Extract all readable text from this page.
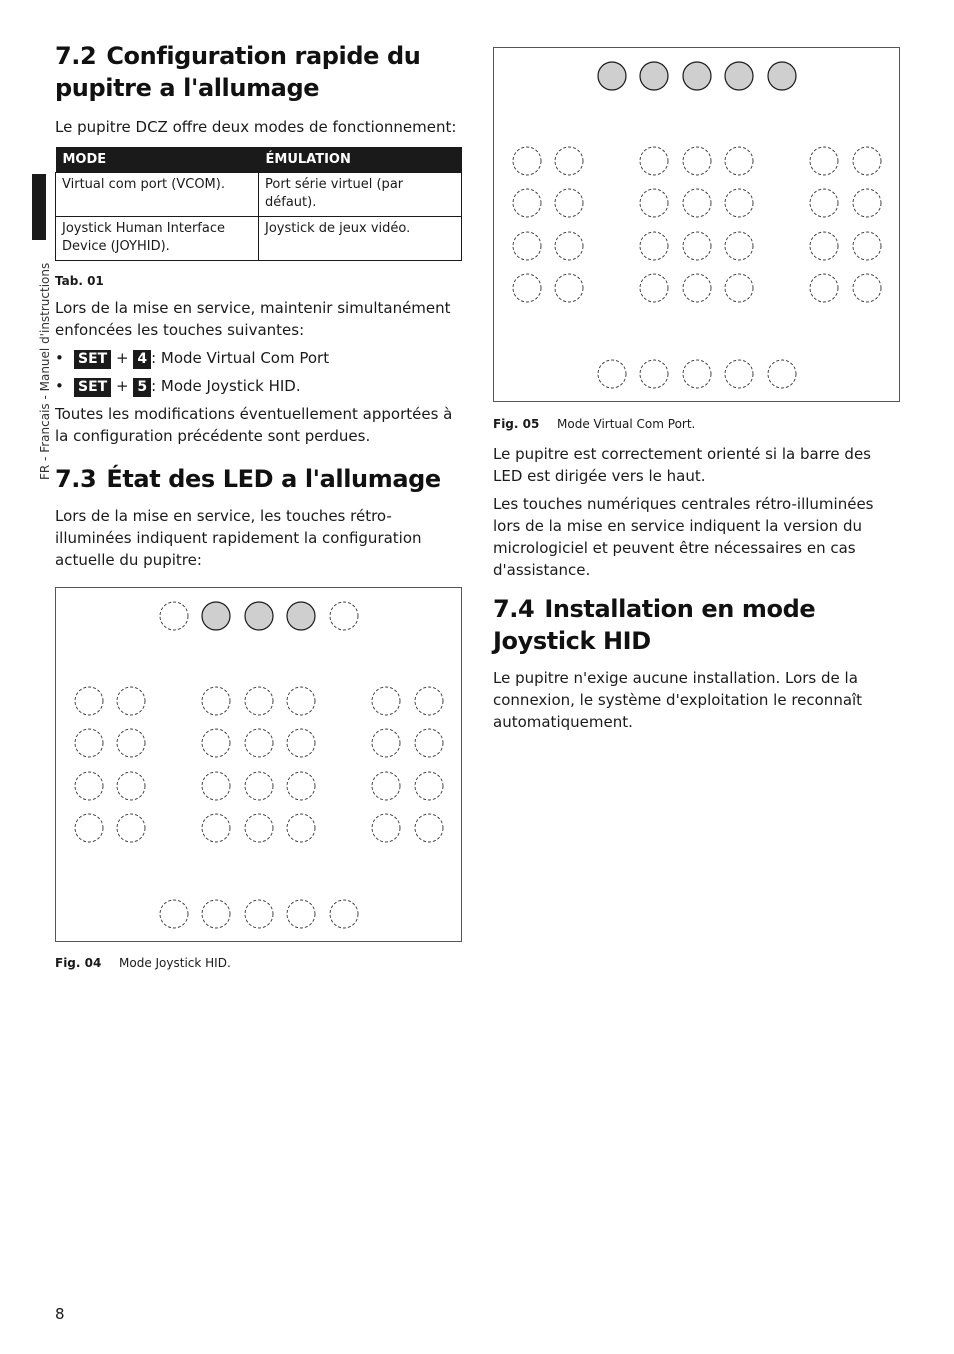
FR - Francais - Manuel d'instructions
7.2 Configuration rapide du pupitre a l'allumage

Le pupitre DCZ offre deux modes de fonctionnement:

MODE	ÉMULATION
Virtual com port (VCOM).	Port série virtuel (par défaut).
Joystick Human Interface Device (JOYHID).	Joystick de jeux vidéo.
Tab. 01

Lors de la mise en service, maintenir simultanément enfoncées les touches suivantes:

• SET + 4 : Mode Virtual Com Port
• SET + 5 : Mode Joystick HID.

Toutes les modifications éventuellement apportées à la configuration précédente sont perdues.

7.3 État des LED a l'allumage

Lors de la mise en service, les touches rétro-illuminées indiquent rapidement la configuration actuelle du pupitre:

Fig. 04 Mode Joystick HID.
Fig. 05 Mode Virtual Com Port.

Le pupitre est correctement orienté si la barre des LED est dirigée vers le haut.

Les touches numériques centrales rétro-illuminées lors de la mise en service indiquent la version du micrologiciel et peuvent être nécessaires en cas d'assistance.

7.4 Installation en mode Joystick HID

Le pupitre n'exige aucune installation. Lors de la connexion, le système d'exploitation le reconnaît automatiquement.

8
